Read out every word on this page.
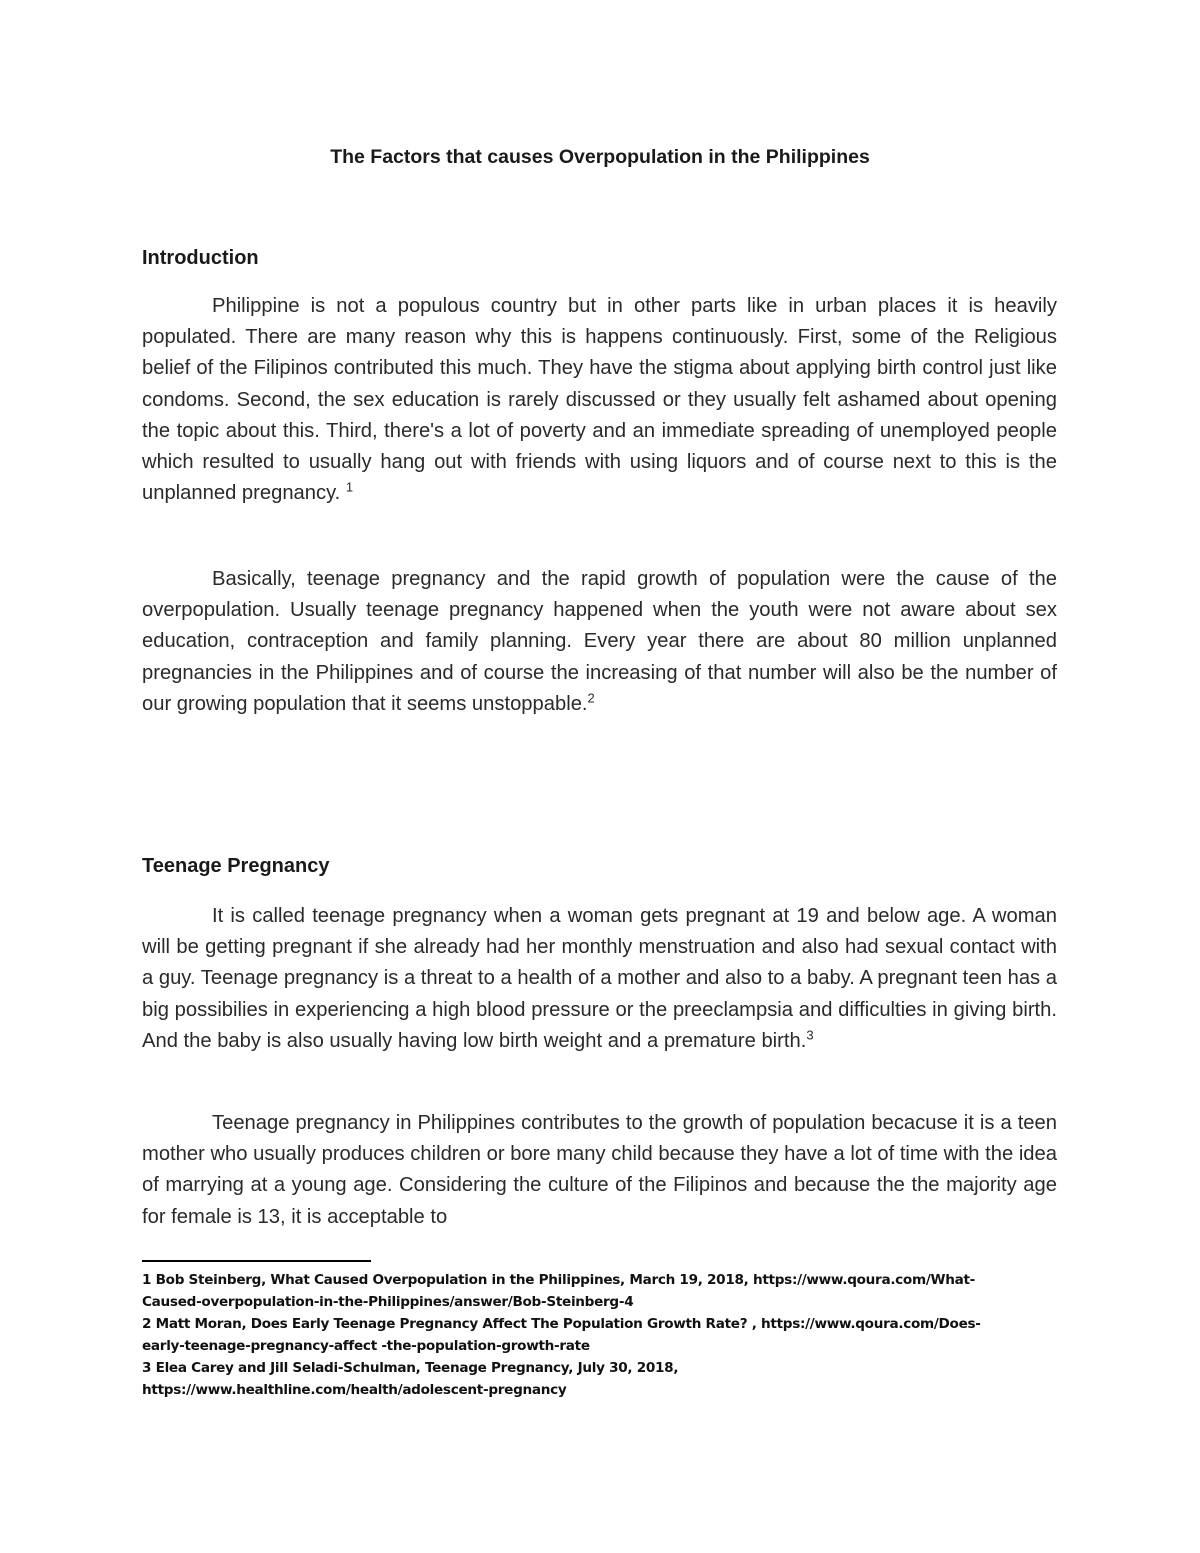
The Factors that causes Overpopulation in the Philippines
Introduction

Philippine is not a populous country but in other parts like in urban places it is heavily populated. There are many reason why this is happens continuously. First, some of the Religious belief of the Filipinos contributed this much. They have the stigma about applying birth control just like condoms. Second, the sex education is rarely discussed or they usually felt ashamed about opening the topic about this. Third, there's a lot of poverty and an immediate spreading of unemployed people which resulted to usually hang out with friends with using liquors and of course next to this is the unplanned pregnancy. $^1$

Basically, teenage pregnancy and the rapid growth of population were the cause of the overpopulation. Usually teenage pregnancy happened when the youth were not aware about sex education, contraception and family planning. Every year there are about 80 million unplanned pregnancies in the Philippines and of course the increasing of that number will also be the number of our growing population that it seems unstoppable.$^2$

Teenage Pregnancy

It is called teenage pregnancy when a woman gets pregnant at 19 and below age. A woman will be getting pregnant if she already had her monthly menstruation and also had sexual contact with a guy. Teenage pregnancy is a threat to a health of a mother and also to a baby. A pregnant teen has a big possibilies in experiencing a high blood pressure or the preeclampsia and difficulties in giving birth. And the baby is also usually having low birth weight and a premature birth.$^3$

Teenage pregnancy in Philippines contributes to the growth of population becacuse it is a teen mother who usually produces children or bore many child because they have a lot of time with the idea of marrying at a young age. Considering the culture of the Filipinos and because the the majority age for female is 13, it is acceptable to

1 Bob Steinberg, What Caused Overpopulation in the Philippines, March 19, 2018, https://www.qoura.com/What-
Caused-overpopulation-in-the-Philippines/answer/Bob-Steinberg-4

2 Matt Moran, Does Early Teenage Pregnancy Affect The Population Growth Rate? , https://www.qoura.com/Does-
early-teenage-pregnancy-affect -the-population-growth-rate

3 Elea Carey and Jill Seladi-Schulman, Teenage Pregnancy, July 30, 2018,
https://www.healthline.com/health/adolescent-pregnancy
